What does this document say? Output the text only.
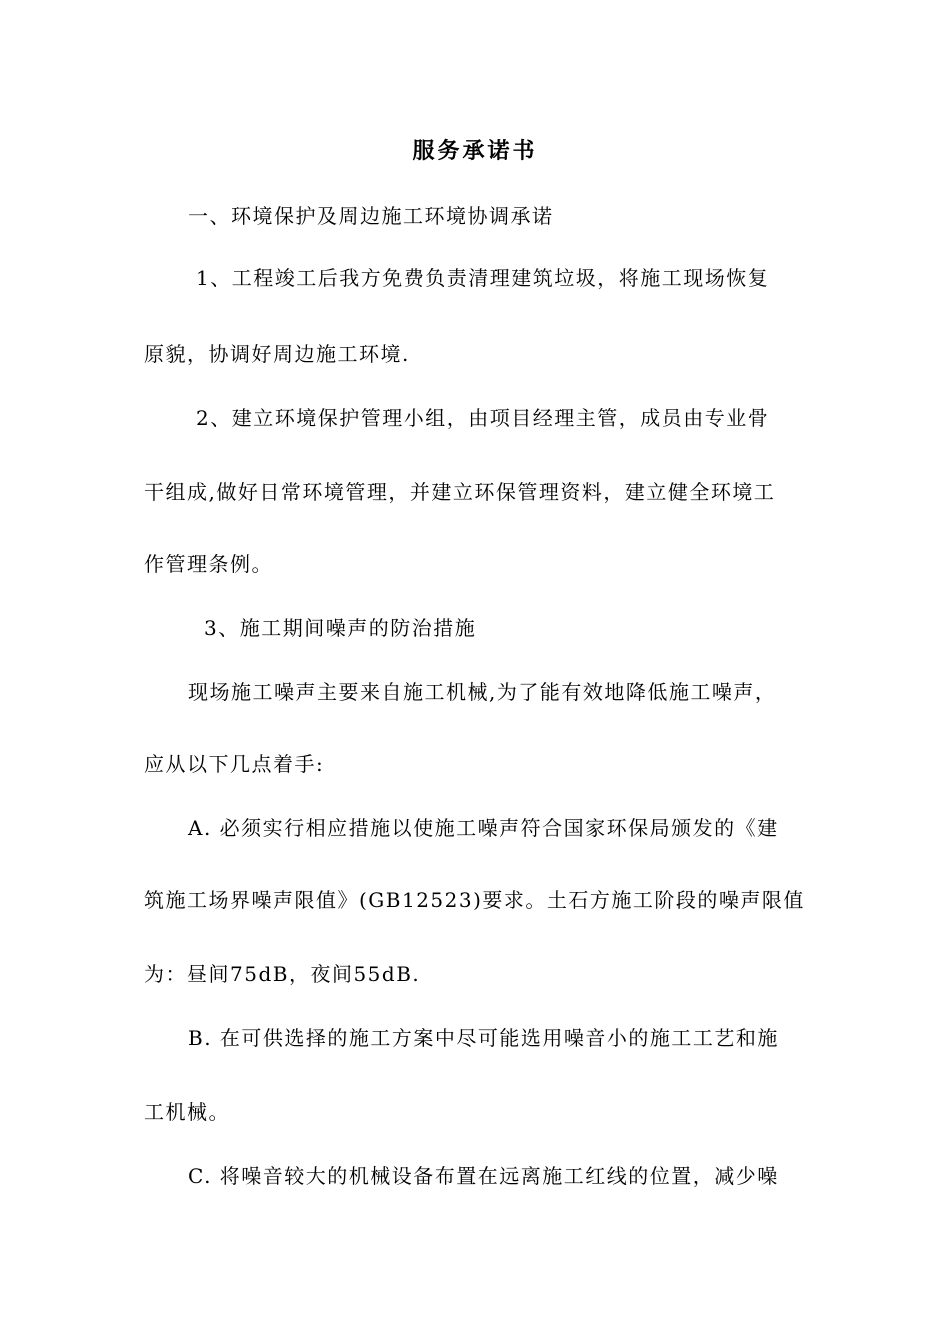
服务承诺书
一、环境保护及周边施工环境协调承诺
1、工程竣工后我方免费负责清理建筑垃圾，将施工现场恢复
原貌，协调好周边施工环境.
2、建立环境保护管理小组，由项目经理主管，成员由专业骨
干组成,做好日常环境管理，并建立环保管理资料，建立健全环境工
作管理条例。
3、施工期间噪声的防治措施
现场施工噪声主要来自施工机械,为了能有效地降低施工噪声，
应从以下几点着手:
A. 必须实行相应措施以使施工噪声符合国家环保局颁发的《建
筑施工场界噪声限值》(GB12523)要求。土石方施工阶段的噪声限值
为：昼间75dB，夜间55dB.
B. 在可供选择的施工方案中尽可能选用噪音小的施工工艺和施
工机械。
C. 将噪音较大的机械设备布置在远离施工红线的位置，减少噪
